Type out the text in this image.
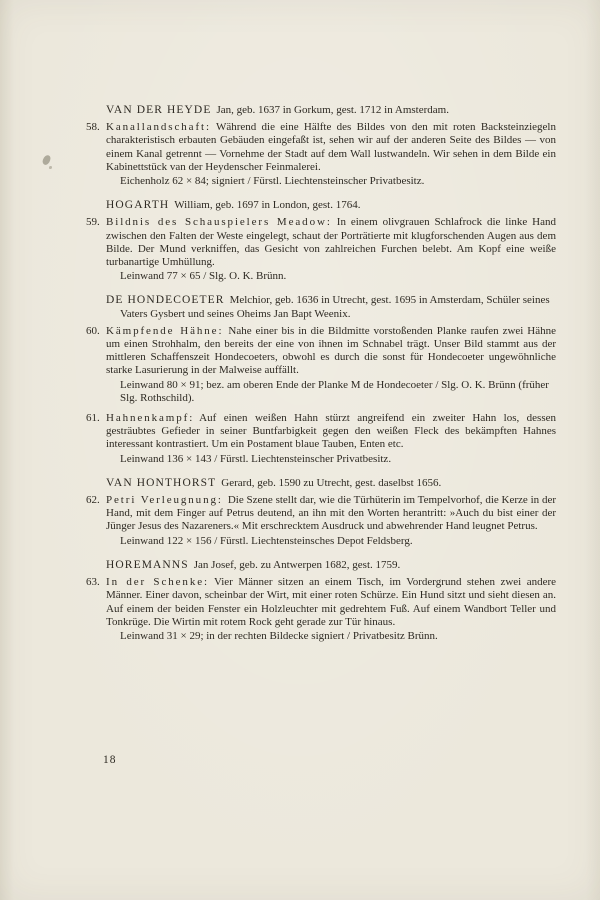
VAN DER HEYDE Jan, geb. 1637 in Gorkum, gest. 1712 in Amsterdam.

58. Kanallandschaft: Während die eine Hälfte des Bildes von den mit roten Backsteinziegeln charakteristisch erbauten Gebäuden eingefaßt ist, sehen wir auf der anderen Seite des Bildes — von einem Kanal getrennt — Vornehme der Stadt auf dem Wall lustwandeln. Wir sehen in dem Bilde ein Kabinettstück van der Heydenscher Feinmalerei.

Eichenholz 62 × 84; signiert / Fürstl. Liechtensteinscher Privatbesitz.

HOGARTH William, geb. 1697 in London, gest. 1764.

59. Bildnis des Schauspielers Meadow: In einem olivgrauen Schlafrock die linke Hand zwischen den Falten der Weste eingelegt, schaut der Porträtierte mit klugforschenden Augen aus dem Bilde. Der Mund verkniffen, das Gesicht von zahlreichen Furchen belebt. Am Kopf eine weiße turbanartige Umhüllung.

Leinwand 77 × 65 / Slg. O. K. Brünn.

DE HONDECOETER Melchior, geb. 1636 in Utrecht, gest. 1695 in Amsterdam, Schüler seines Vaters Gysbert und seines Oheims Jan Bapt Weenix.

60. Kämpfende Hähne: Nahe einer bis in die Bildmitte vorstoßenden Planke raufen zwei Hähne um einen Strohhalm, den bereits der eine von ihnen im Schnabel trägt. Unser Bild stammt aus der mittleren Schaffenszeit Hondecoeters, obwohl es durch die sonst für Hondecoeter ungewöhnliche starke Lasurierung in der Malweise auffällt.

Leinwand 80 × 91; bez. am oberen Ende der Planke M de Hondecoeter / Slg. O. K. Brünn (früher Slg. Rothschild).

61. Hahnenkampf: Auf einen weißen Hahn stürzt angreifend ein zweiter Hahn los, dessen gesträubtes Gefieder in seiner Buntfarbigkeit gegen den weißen Fleck des bekämpften Hahnes interessant kontrastiert. Um ein Postament blaue Tauben, Enten etc.

Leinwand 136 × 143 / Fürstl. Liechtensteinscher Privatbesitz.

VAN HONTHORST Gerard, geb. 1590 zu Utrecht, gest. daselbst 1656.

62. Petri Verleugnung: Die Szene stellt dar, wie die Türhüterin im Tempelvorhof, die Kerze in der Hand, mit dem Finger auf Petrus deutend, an ihn mit den Worten herantritt: »Auch du bist einer der Jünger Jesus des Nazareners.« Mit erschrecktem Ausdruck und abwehrender Hand leugnet Petrus.

Leinwand 122 × 156 / Fürstl. Liechtensteinsches Depot Feldsberg.

HOREMANNS Jan Josef, geb. zu Antwerpen 1682, gest. 1759.

63. In der Schenke: Vier Männer sitzen an einem Tisch, im Vordergrund stehen zwei andere Männer. Einer davon, scheinbar der Wirt, mit einer roten Schürze. Ein Hund sitzt und sieht diesen an. Auf einem der beiden Fenster ein Holzleuchter mit gedrehtem Fuß. Auf einem Wandbort Teller und Tonkrüge. Die Wirtin mit rotem Rock geht gerade zur Tür hinaus.

Leinwand 31 × 29; in der rechten Bildecke signiert / Privatbesitz Brünn.

18
